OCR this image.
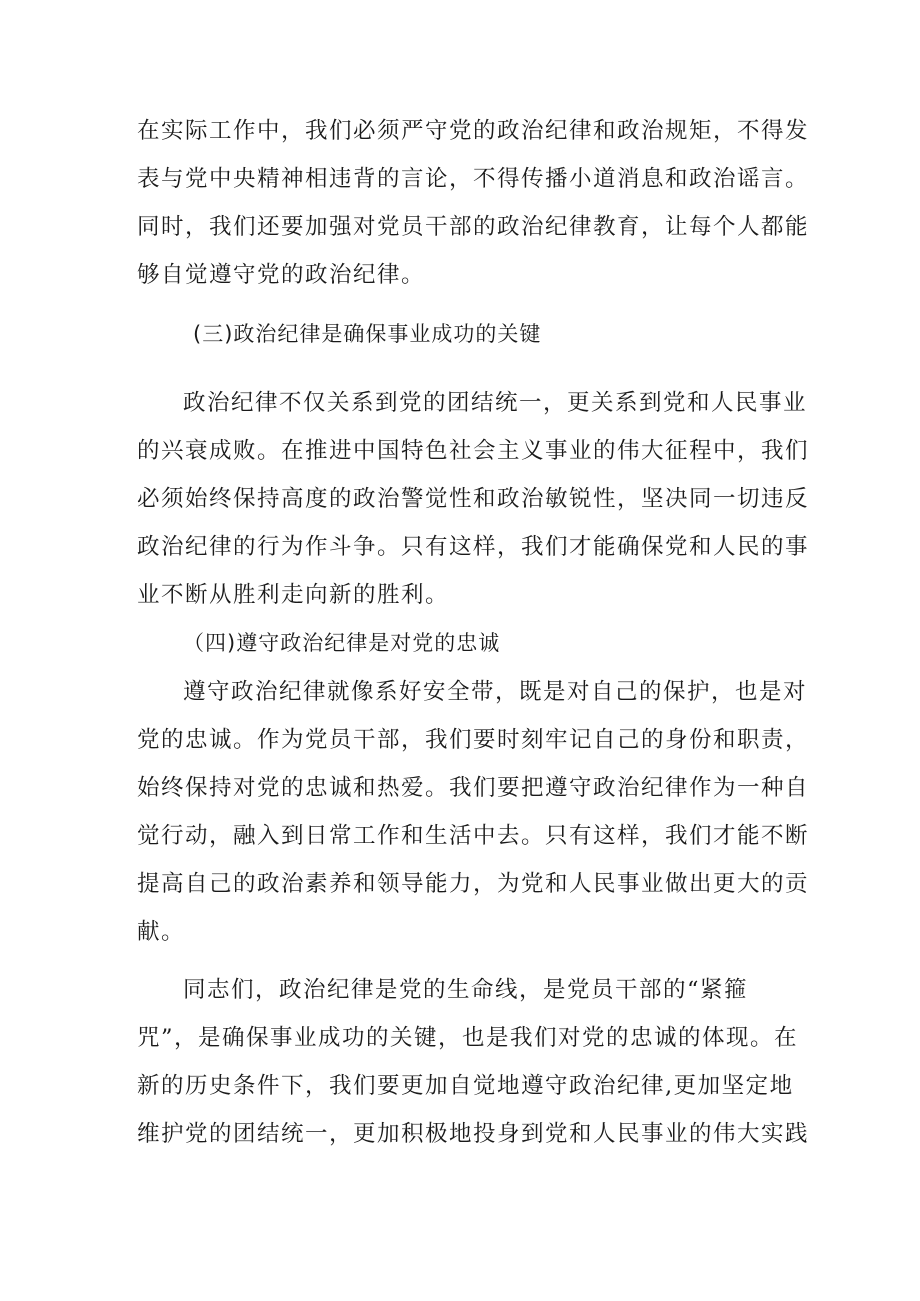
在实际工作中，我们必须严守党的政治纪律和政治规矩，不得发
表与党中央精神相违背的言论，不得传播小道消息和政治谣言。
同时，我们还要加强对党员干部的政治纪律教育，让每个人都能
够自觉遵守党的政治纪律。
(三)政治纪律是确保事业成功的关键
政治纪律不仅关系到党的团结统一，更关系到党和人民事业
的兴衰成败。在推进中国特色社会主义事业的伟大征程中，我们
必须始终保持高度的政治警觉性和政治敏锐性，坚决同一切违反
政治纪律的行为作斗争。只有这样，我们才能确保党和人民的事
业不断从胜利走向新的胜利。
（四)遵守政治纪律是对党的忠诚
遵守政治纪律就像系好安全带，既是对自己的保护，也是对
党的忠诚。作为党员干部，我们要时刻牢记自己的身份和职责，
始终保持对党的忠诚和热爱。我们要把遵守政治纪律作为一种自
觉行动，融入到日常工作和生活中去。只有这样，我们才能不断
提高自己的政治素养和领导能力，为党和人民事业做出更大的贡
献。
同志们，政治纪律是党的生命线，是党员干部的“紧箍
咒”，是确保事业成功的关键，也是我们对党的忠诚的体现。在
新的历史条件下，我们要更加自觉地遵守政治纪律,更加坚定地
维护党的团结统一，更加积极地投身到党和人民事业的伟大实践
